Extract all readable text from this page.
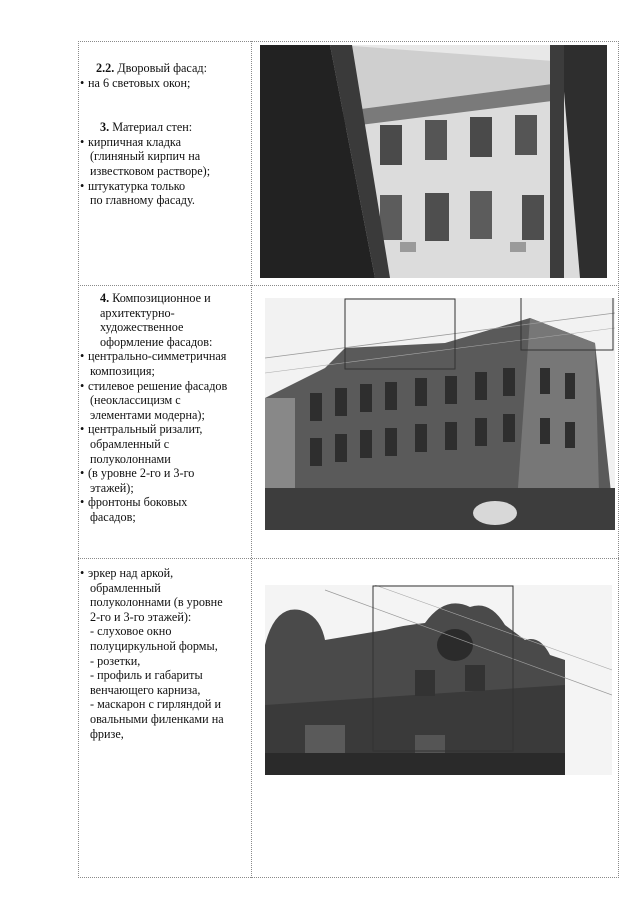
2.2. Дворовый фасад:
• на 6 световых окон;
3. Материал стен:
• кирпичная кладка
(глиняный кирпич на
известковом растворе);
• штукатурка только
по главному фасаду.
4. Композиционное и
архитектурно-
художественное
оформление фасадов:
• центрально-симметричная
композиция;
• стилевое решение фасадов
(неоклассицизм с
элементами модерна);
• центральный ризалит,
обрамленный с
полуколоннами
• (в уровне 2-го и 3-го
этажей);
• фронтоны боковых
фасадов;
• эркер над аркой,
обрамленный
полуколоннами (в уровне
2-го и 3-го этажей):
- слуховое окно
полуциркульной формы,
- розетки,
- профиль и габариты
венчающего карниза,
- маскарон с гирляндой и
овальными филенками на
фризе,
